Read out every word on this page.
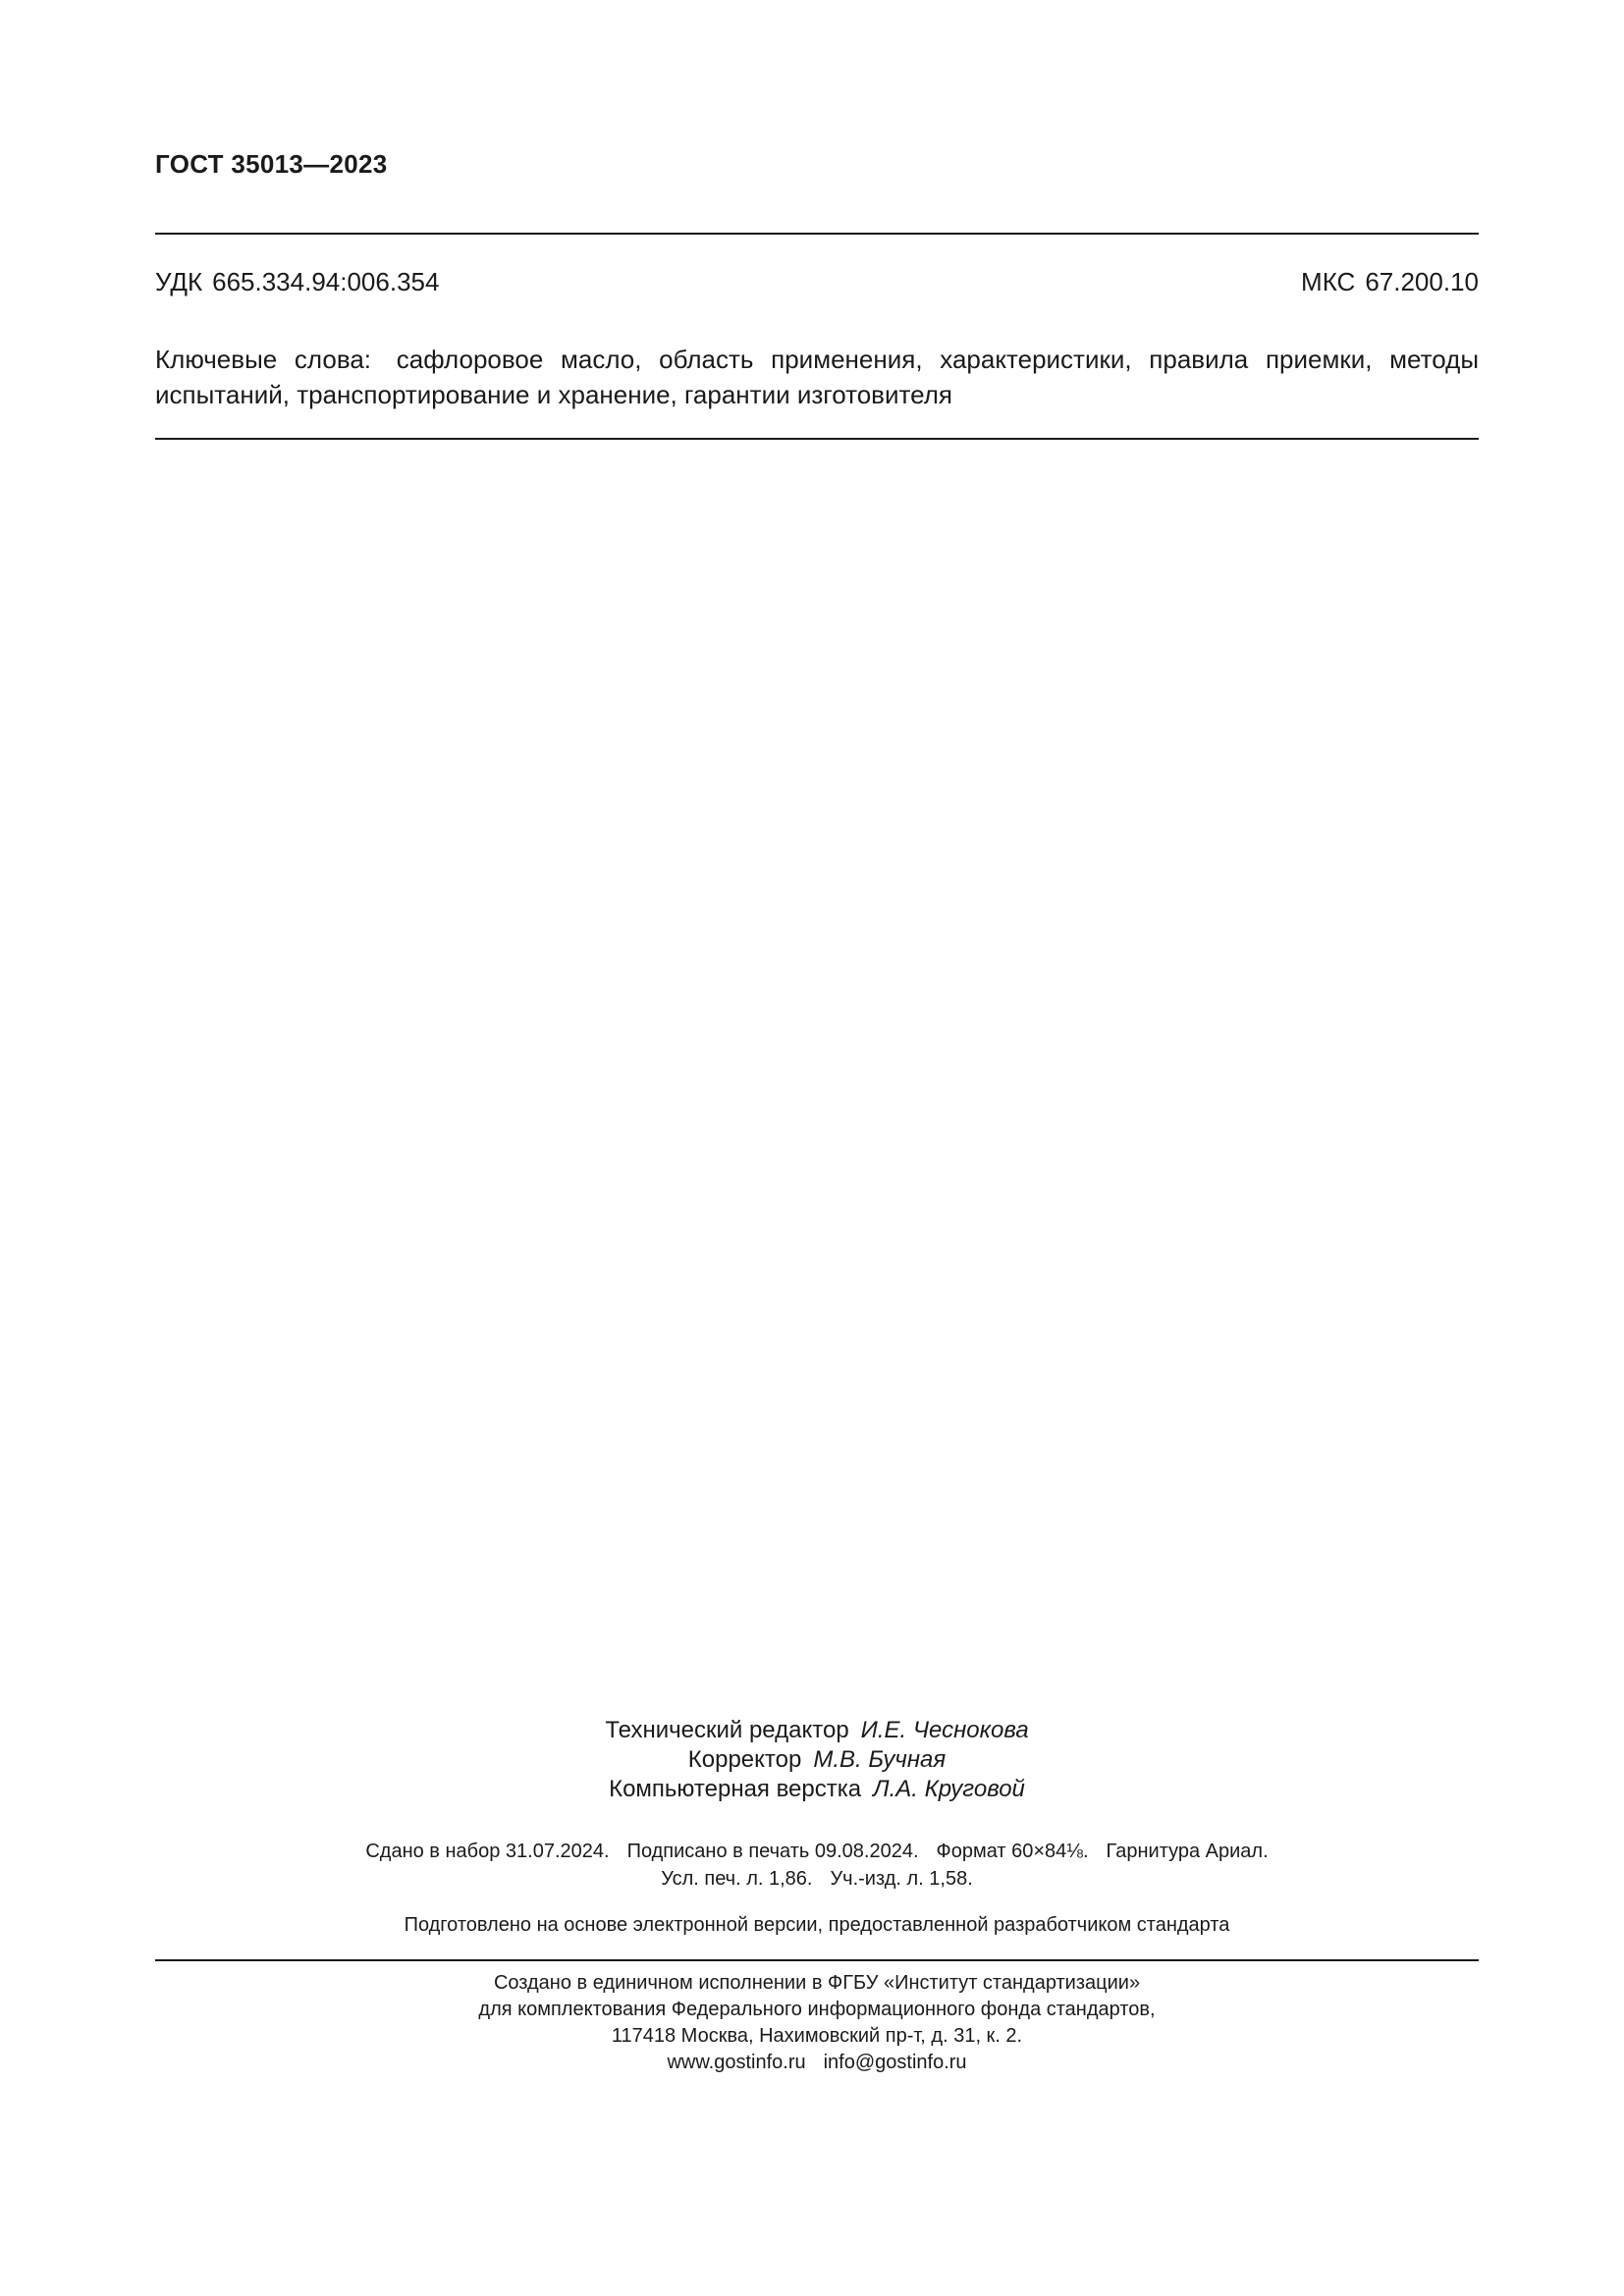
ГОСТ 35013—2023
УДК 665.334.94:006.354	МКС 67.200.10
Ключевые слова: сафлоровое масло, область применения, характеристики, правила приемки, методы испытаний, транспортирование и хранение, гарантии изготовителя
Технический редактор И.Е. Чеснокова
Корректор М.В. Бучная
Компьютерная верстка Л.А. Круговой
Сдано в набор 31.07.2024. Подписано в печать 09.08.2024. Формат 60×84⅛. Гарнитура Ариал.
Усл. печ. л. 1,86. Уч.-изд. л. 1,58.
Подготовлено на основе электронной версии, предоставленной разработчиком стандарта
Создано в единичном исполнении в ФГБУ «Институт стандартизации»
для комплектования Федерального информационного фонда стандартов,
117418 Москва, Нахимовский пр-т, д. 31, к. 2.
www.gostinfo.ru info@gostinfo.ru
